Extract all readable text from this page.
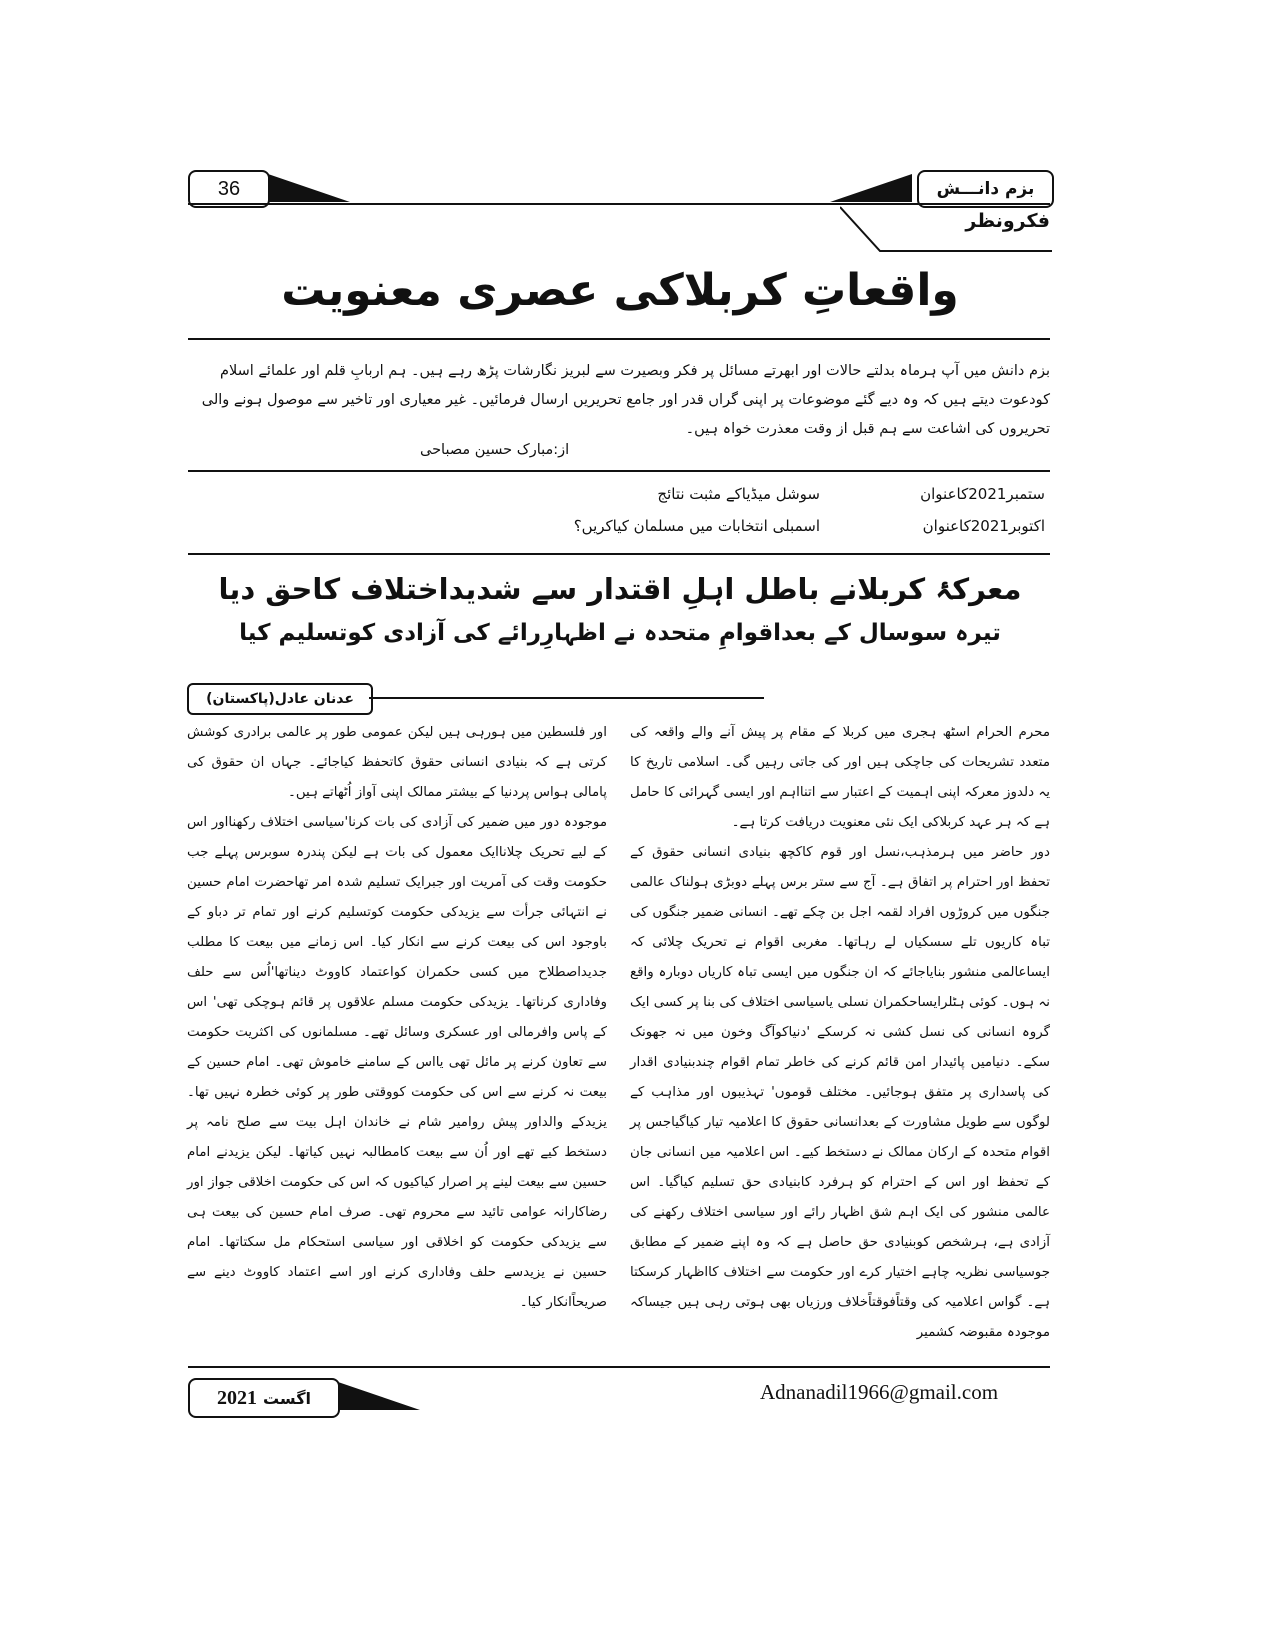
36	بزم دانـــش
فکرونظر
واقعاتِ کربلاکی عصری معنویت
بزم دانش میں آپ ہرماہ بدلتے حالات اور ابھرتے مسائل پر فکر وبصیرت سے لبریز نگارشات پڑھ رہے ہیں۔ ہم اربابِ قلم اور علمائے اسلام کودعوت دیتے ہیں کہ وہ دیے گئے موضوعات پر اپنی گراں قدر اور جامع تحریریں ارسال فرمائیں۔ غیر معیاری اور تاخیر سے موصول ہونے والی تحریروں کی اشاعت سے ہم قبل از وقت معذرت خواہ ہیں۔
از:مبارک حسین مصباحی
ستمبر2021کاعنوان
سوشل میڈیاکے مثبت نتائج
اکتوبر2021کاعنوان
اسمبلی انتخابات میں مسلمان کیاکریں؟
معرکۂ کربلانے باطل اہلِ اقتدار سے شدیداختلاف کاحق دیا
تیرہ سوسال کے بعداقوامِ متحدہ نے اظہارِرائے کی آزادی کوتسلیم کیا
عدنان عادل(پاکستان)

محرم الحرام اسٹھ ہجری میں کربلا کے مقام پر پیش آنے والے واقعہ کی متعدد تشریحات کی جاچکی ہیں اور کی جاتی رہیں گی۔ اسلامی تاریخ کا یہ دلدوز معرکہ اپنی اہمیت کے اعتبار سے اتنااہم اور ایسی گہرائی کا حامل ہے کہ ہر عہد کربلاکی ایک نئی معنویت دریافت کرتا ہے۔

دور حاضر میں ہرمذہب،نسل اور قوم کاکچھ بنیادی انسانی حقوق کے تحفظ اور احترام پر اتفاق ہے۔ آج سے ستر برس پہلے دوبڑی ہولناک عالمی جنگوں میں کروڑوں افراد لقمہ اجل بن چکے تھے۔ انسانی ضمیر جنگوں کی تباہ کاریوں تلے سسکیاں لے رہاتھا۔ مغربی اقوام نے تحریک چلائی کہ ایساعالمی منشور بنایاجائے کہ ان جنگوں میں ایسی تباہ کاریاں دوبارہ واقع نہ ہوں۔ کوئی ہٹلرایساحکمران نسلی یاسیاسی اختلاف کی بنا پر کسی ایک گروہ انسانی کی نسل کشی نہ کرسکے 'دنیاکوآگ وخون میں نہ جھونک سکے۔ دنیامیں پائیدار امن قائم کرنے کی خاطر تمام اقوام چندبنیادی اقدار کی پاسداری پر متفق ہوجائیں۔ مختلف قوموں' تہذیبوں اور مذاہب کے لوگوں سے طویل مشاورت کے بعدانسانی حقوق کا اعلامیہ تیار کیاگیاجس پر اقوام متحدہ کے ارکان ممالک نے دستخط کیے۔ اس اعلامیہ میں انسانی جان کے تحفظ اور اس کے احترام کو ہرفرد کابنیادی حق تسلیم کیاگیا۔ اس عالمی منشور کی ایک اہم شق اظہار رائے اور سیاسی اختلاف رکھنے کی آزادی ہے، ہرشخص کوبنیادی حق حاصل ہے کہ وہ اپنے ضمیر کے مطابق جوسیاسی نظریہ چاہے اختیار کرے اور حکومت سے اختلاف کااظہار کرسکتا ہے۔ گواس اعلامیہ کی وقتاًفوقتاًخلاف ورزیاں بھی ہوتی رہی ہیں جیساکہ موجودہ مقبوضہ کشمیر

اور فلسطین میں ہورہی ہیں لیکن عمومی طور پر عالمی برادری کوشش کرتی ہے کہ بنیادی انسانی حقوق کاتحفظ کیاجائے۔ جہاں ان حقوق کی پامالی ہواس پردنیا کے بیشتر ممالک اپنی آواز اُٹھاتے ہیں۔

موجودہ دور میں ضمیر کی آزادی کی بات کرنا'سیاسی اختلاف رکھنااور اس کے لیے تحریک چلاناایک معمول کی بات ہے لیکن پندرہ سوبرس پہلے جب حکومت وقت کی آمریت اور جبرایک تسلیم شدہ امر تھاحضرت امام حسین نے انتہائی جرأت سے یزیدکی حکومت کوتسلیم کرنے اور تمام تر دباو کے باوجود اس کی بیعت کرنے سے انکار کیا۔ اس زمانے میں بیعت کا مطلب جدیداصطلاح میں کسی حکمران کواعتماد کاووٹ دیناتھا'اُس سے حلف وفاداری کرناتھا۔ یزیدکی حکومت مسلم علاقوں پر قائم ہوچکی تھی' اس کے پاس وافرمالی اور عسکری وسائل تھے۔ مسلمانوں کی اکثریت حکومت سے تعاون کرنے پر مائل تھی یااس کے سامنے خاموش تھی۔ امام حسین کے بیعت نہ کرنے سے اس کی حکومت کووقتی طور پر کوئی خطرہ نہیں تھا۔ یزیدکے والداور پیش روامیر شام نے خاندان اہل بیت سے صلح نامہ پر دستخط کیے تھے اور اُن سے بیعت کامطالبہ نہیں کیاتھا۔ لیکن یزیدنے امام حسین سے بیعت لینے پر اصرار کیاکیوں کہ اس کی حکومت اخلاقی جواز اور رضاکارانہ عوامی تائید سے محروم تھی۔ صرف امام حسین کی بیعت ہی سے یزیدکی حکومت کو اخلاقی اور سیاسی استحکام مل سکتاتھا۔ امام حسین نے یزیدسے حلف وفاداری کرنے اور اسے اعتماد کاووٹ دینے سے صریحاًانکار کیا۔

2021 اگست	Adnanadil1966@gmail.com
